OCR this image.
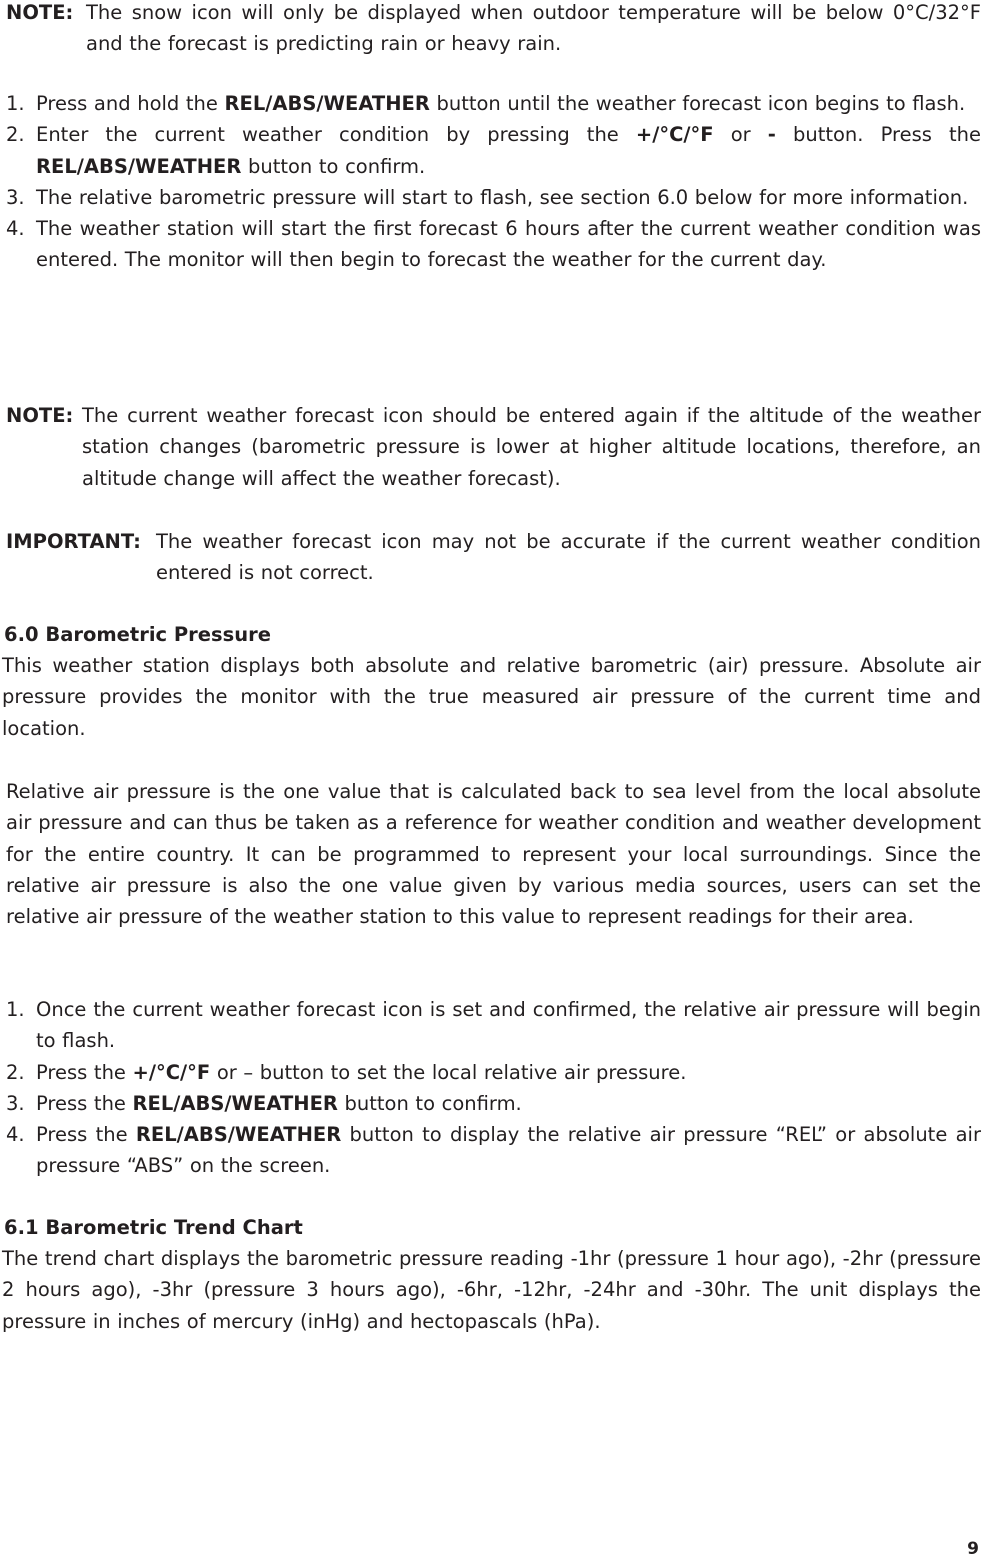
NOTE: The snow icon will only be displayed when outdoor temperature will be below 0°C/32°F and the forecast is predicting rain or heavy rain.
1. Press and hold the REL/ABS/WEATHER button until the weather forecast icon begins to flash.
2. Enter the current weather condition by pressing the +/°C/°F or - button. Press the REL/ABS/WEATHER button to confirm.
3. The relative barometric pressure will start to flash, see section 6.0 below for more information.
4. The weather station will start the first forecast 6 hours after the current weather condition was entered. The monitor will then begin to forecast the weather for the current day.
NOTE: The current weather forecast icon should be entered again if the altitude of the weather station changes (barometric pressure is lower at higher altitude locations, therefore, an altitude change will affect the weather forecast).
IMPORTANT: The weather forecast icon may not be accurate if the current weather condition entered is not correct.
6.0 Barometric Pressure
This weather station displays both absolute and relative barometric (air) pressure. Absolute air pressure provides the monitor with the true measured air pressure of the current time and location.
Relative air pressure is the one value that is calculated back to sea level from the local absolute air pressure and can thus be taken as a reference for weather condition and weather development for the entire country. It can be programmed to represent your local surroundings. Since the relative air pressure is also the one value given by various media sources, users can set the relative air pressure of the weather station to this value to represent readings for their area.
1. Once the current weather forecast icon is set and confirmed, the relative air pressure will begin to flash.
2. Press the +/°C/°F or – button to set the local relative air pressure.
3. Press the REL/ABS/WEATHER button to confirm.
4. Press the REL/ABS/WEATHER button to display the relative air pressure “REL” or absolute air pressure “ABS” on the screen.
6.1 Barometric Trend Chart
The trend chart displays the barometric pressure reading -1hr (pressure 1 hour ago), -2hr (pressure 2 hours ago), -3hr (pressure 3 hours ago), -6hr, -12hr, -24hr and -30hr. The unit displays the pressure in inches of mercury (inHg) and hectopascals (hPa).
9
